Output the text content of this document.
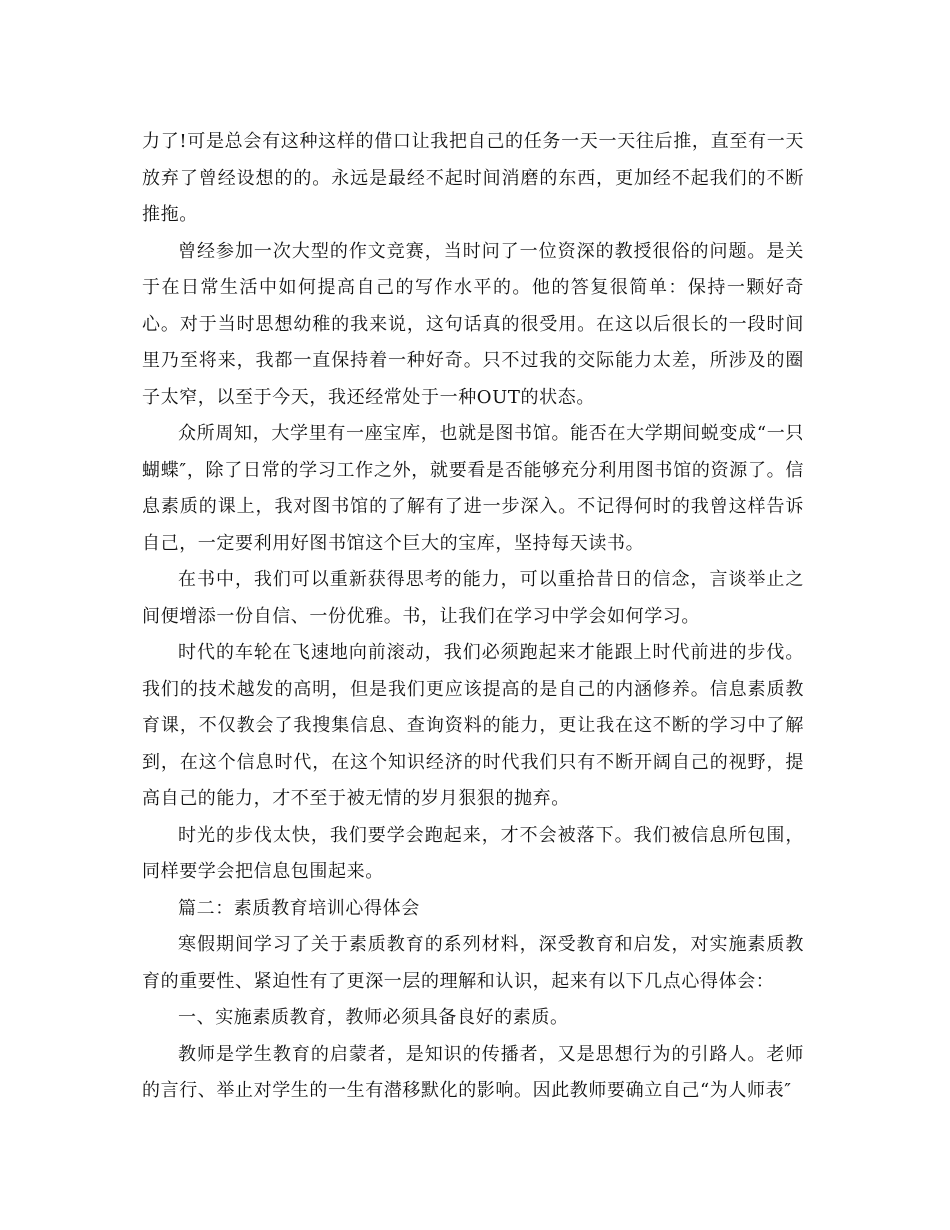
力了!可是总会有这种这样的借口让我把自己的任务一天一天往后推，直至有一天放弃了曾经设想的的。永远是最经不起时间消磨的东西，更加经不起我们的不断推拖。

曾经参加一次大型的作文竞赛，当时问了一位资深的教授很俗的问题。是关于在日常生活中如何提高自己的写作水平的。他的答复很简单：保持一颗好奇心。对于当时思想幼稚的我来说，这句话真的很受用。在这以后很长的一段时间里乃至将来，我都一直保持着一种好奇。只不过我的交际能力太差，所涉及的圈子太窄，以至于今天，我还经常处于一种OUT的状态。

众所周知，大学里有一座宝库，也就是图书馆。能否在大学期间蜕变成“一只蝴蝶″，除了日常的学习工作之外，就要看是否能够充分利用图书馆的资源了。信息素质的课上，我对图书馆的了解有了进一步深入。不记得何时的我曾这样告诉自己，一定要利用好图书馆这个巨大的宝库，坚持每天读书。

在书中，我们可以重新获得思考的能力，可以重拾昔日的信念，言谈举止之间便增添一份自信、一份优雅。书，让我们在学习中学会如何学习。

时代的车轮在飞速地向前滚动，我们必须跑起来才能跟上时代前进的步伐。我们的技术越发的高明，但是我们更应该提高的是自己的内涵修养。信息素质教育课，不仅教会了我搜集信息、查询资料的能力，更让我在这不断的学习中了解到，在这个信息时代，在这个知识经济的时代我们只有不断开阔自己的视野，提高自己的能力，才不至于被无情的岁月狠狠的抛弃。

时光的步伐太快，我们要学会跑起来，才不会被落下。我们被信息所包围，同样要学会把信息包围起来。

篇二：素质教育培训心得体会

寒假期间学习了关于素质教育的系列材料，深受教育和启发，对实施素质教育的重要性、紧迫性有了更深一层的理解和认识，起来有以下几点心得体会：

一、实施素质教育，教师必须具备良好的素质。

教师是学生教育的启蒙者，是知识的传播者，又是思想行为的引路人。老师的言行、举止对学生的一生有潜移默化的影响。因此教师要确立自己“为人师表″
